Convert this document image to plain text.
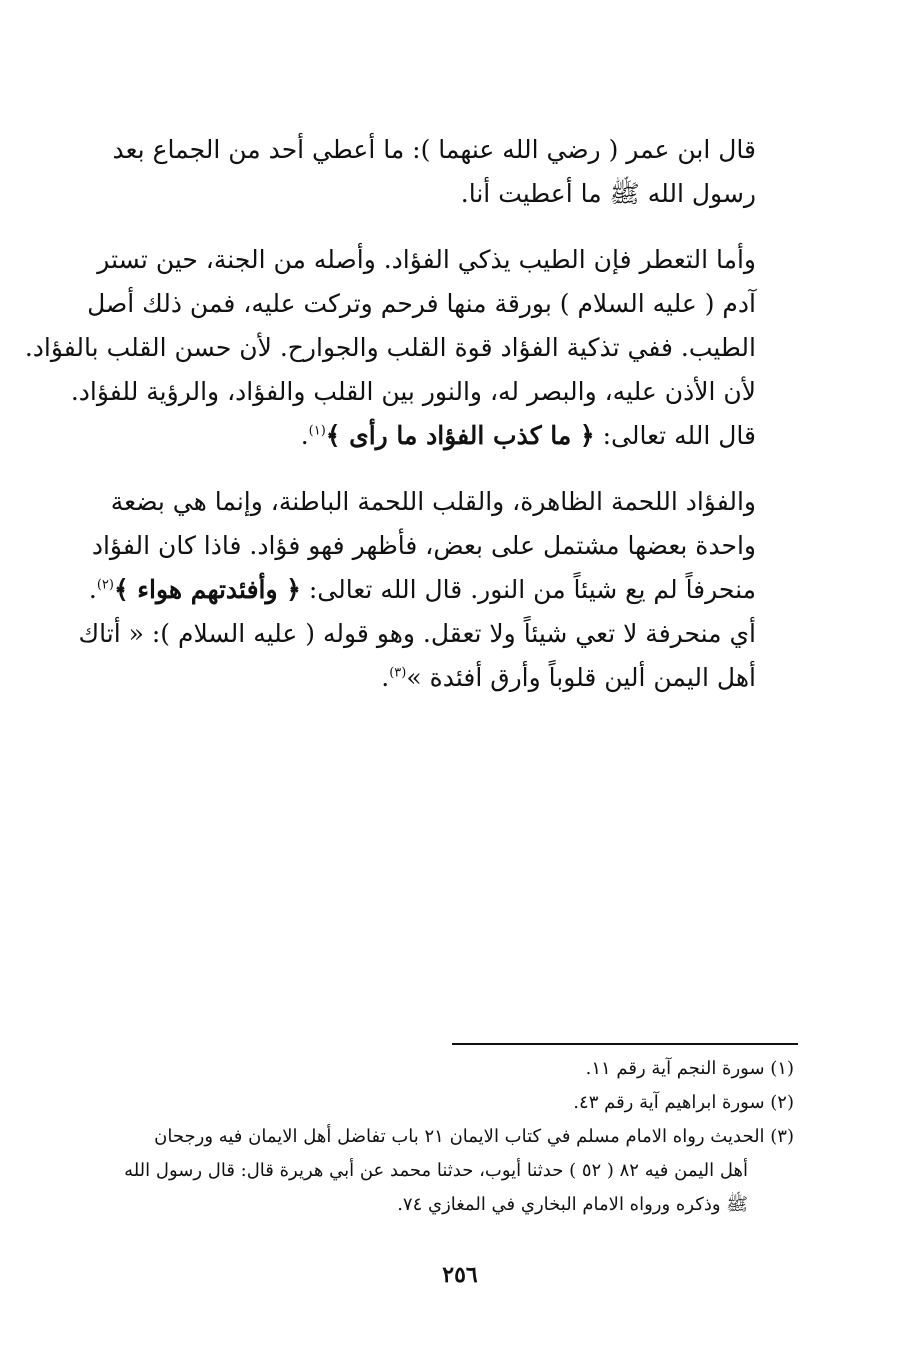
قال ابن عمر ( رضي الله عنهما ): ما أعطي أحد من الجماع بعد
رسول الله ﷺ ما أعطيت أنا.

وأما التعطر فإن الطيب يذكي الفؤاد. وأصله من الجنة، حين تستر
آدم ( عليه السلام ) بورقة منها فرحم وتركت عليه، فمن ذلك أصل
الطيب. ففي تذكية الفؤاد قوة القلب والجوارح. لأن حسن القلب بالفؤاد.
لأن الأذن عليه، والبصر له، والنور بين القلب والفؤاد، والرؤية للفؤاد.
قال الله تعالى: ﴿ ما كذب الفؤاد ما رأى ﴾$^{(١)}$.

والفؤاد اللحمة الظاهرة، والقلب اللحمة الباطنة، وإنما هي بضعة
واحدة بعضها مشتمل على بعض، فأظهر فهو فؤاد. فاذا كان الفؤاد
منحرفاً لم يع شيئاً من النور. قال الله تعالى: ﴿ وأفئدتهم هواء ﴾$^{(٢)}$.
أي منحرفة لا تعي شيئاً ولا تعقل. وهو قوله ( عليه السلام ): « أتاك
أهل اليمن ألين قلوباً وأرق أفئدة »$^{(٣)}$.

(١) سورة النجم آية رقم ١١.

(٢) سورة ابراهيم آية رقم ٤٣.

(٣) الحديث رواه الامام مسلم في كتاب الايمان ٢١ باب تفاضل أهل الايمان فيه ورجحان

أهل اليمن فيه ٨٢ ( ٥٢ ) حدثنا أيوب، حدثنا محمد عن أبي هريرة قال: قال رسول الله

ﷺ وذكره ورواه الامام البخاري في المغازي ٧٤.

٢٥٦
